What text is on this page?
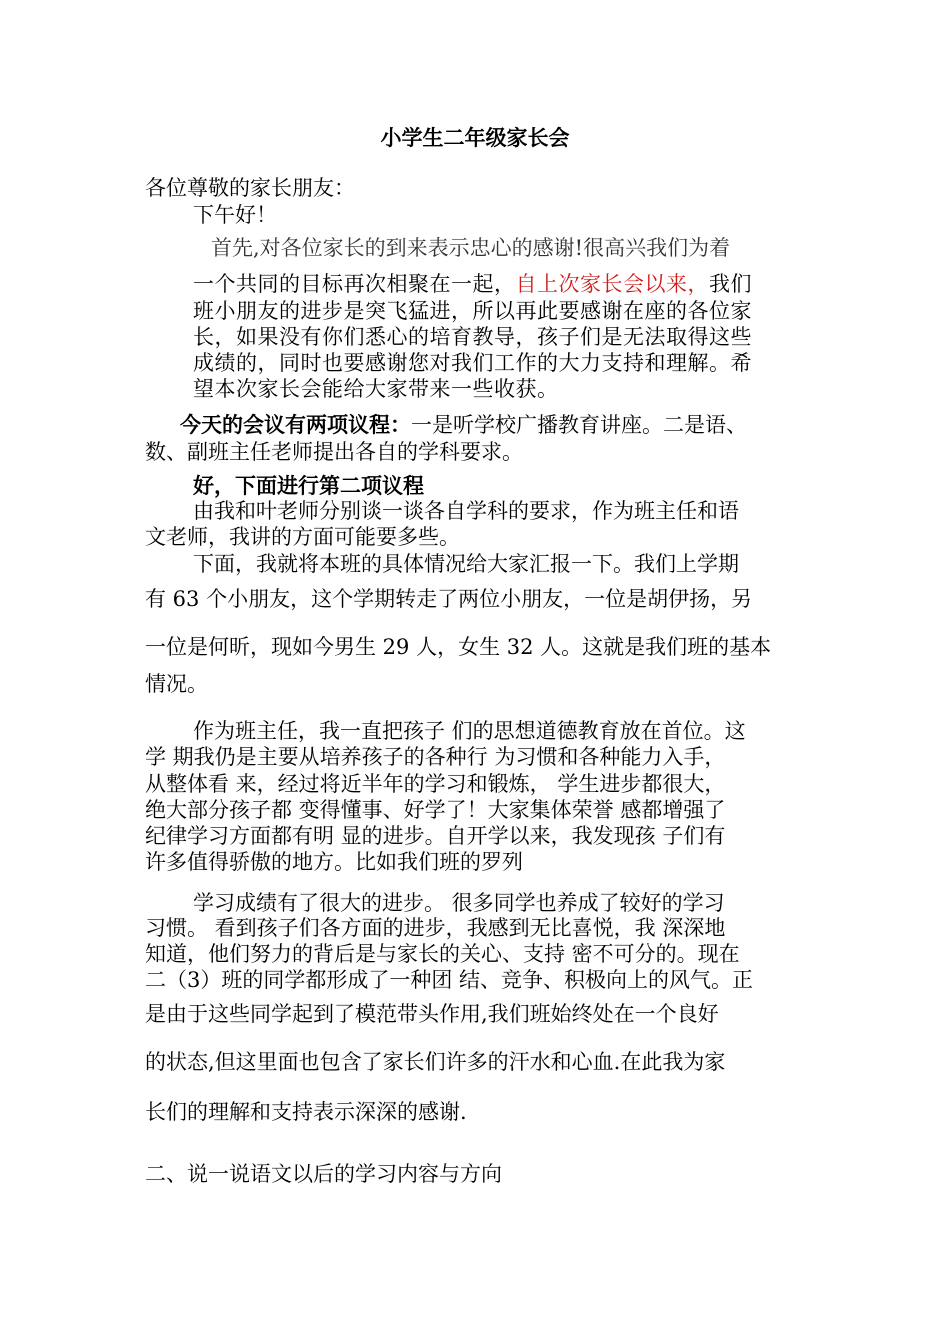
小学生二年级家长会

各位尊敬的家长朋友：

下午好！

首先,对各位家长的到来表示忠心的感谢!很高兴我们为着

一个共同的目标再次相聚在一起，自上次家长会以来，我们

班小朋友的进步是突飞猛进，所以再此要感谢在座的各位家

长，如果没有你们悉心的培育教导，孩子们是无法取得这些

成绩的，同时也要感谢您对我们工作的大力支持和理解。希

望本次家长会能给大家带来一些收获。

今天的会议有两项议程：一是听学校广播教育讲座。二是语、

数、副班主任老师提出各自的学科要求。

好，下面进行第二项议程

由我和叶老师分别谈一谈各自学科的要求，作为班主任和语

文老师，我讲的方面可能要多些。

下面，我就将本班的具体情况给大家汇报一下。我们上学期

有 63 个小朋友，这个学期转走了两位小朋友，一位是胡伊扬，另

一位是何昕，现如今男生 29 人，女生 32 人。这就是我们班的基本

情况。

作为班主任，我一直把孩子 们的思想道德教育放在首位。这

学 期我仍是主要从培养孩子的各种行 为习惯和各种能力入手，

从整体看 来，经过将近半年的学习和锻炼， 学生进步都很大，

绝大部分孩子都 变得懂事、好学了！大家集体荣誉 感都增强了

纪律学习方面都有明 显的进步。自开学以来，我发现孩 子们有

许多值得骄傲的地方。比如我们班的罗列

学习成绩有了很大的进步。 很多同学也养成了较好的学习

习惯。 看到孩子们各方面的进步，我感到无比喜悦，我 深深地

知道，他们努力的背后是与家长的关心、支持 密不可分的。现在

二（3）班的同学都形成了一种团 结、竞争、积极向上的风气。正

是由于这些同学起到了模范带头作用,我们班始终处在一个良好

的状态,但这里面也包含了家长们许多的汗水和心血.在此我为家

长们的理解和支持表示深深的感谢.

二、说一说语文以后的学习内容与方向
